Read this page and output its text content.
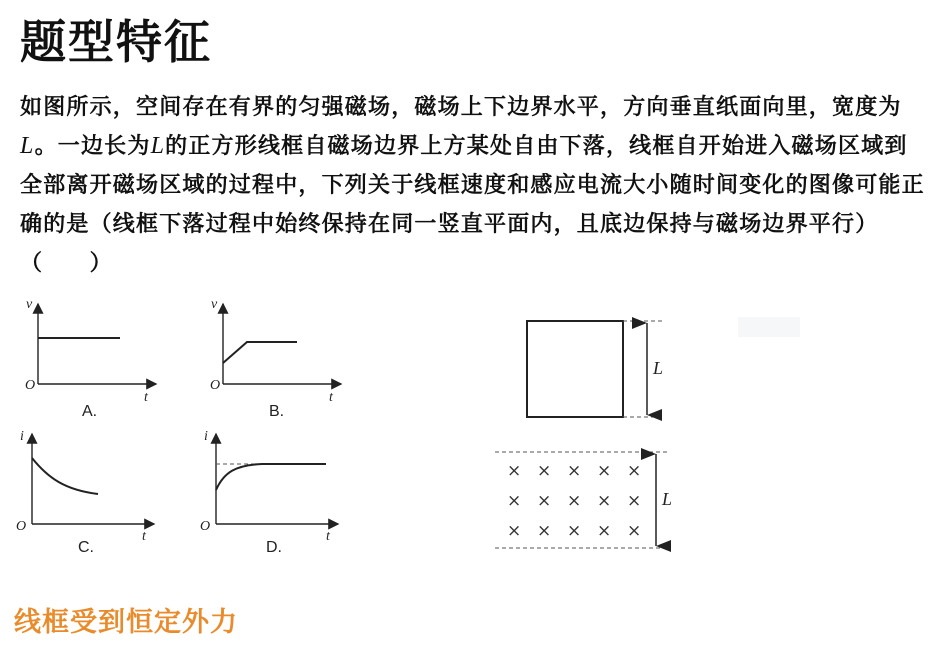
题型特征
如图所示，空间存在有界的匀强磁场，磁场上下边界水平，方向垂直纸面向里，宽度为L。一边长为L的正方形线框自磁场边界上方某处自由下落，线框自开始进入磁场区域到全部离开磁场区域的过程中，下列关于线框速度和感应电流大小随时间变化的图像可能正确的是（线框下落过程中始终保持在同一竖直平面内，且底边保持与磁场边界平行）（　　）
v
t
O
A.
v
t
O
B.
i
t
O
C.
i
t
O
D.
L
L
× × × × ×
× × × × ×
× × × × ×
线框受到恒定外力
